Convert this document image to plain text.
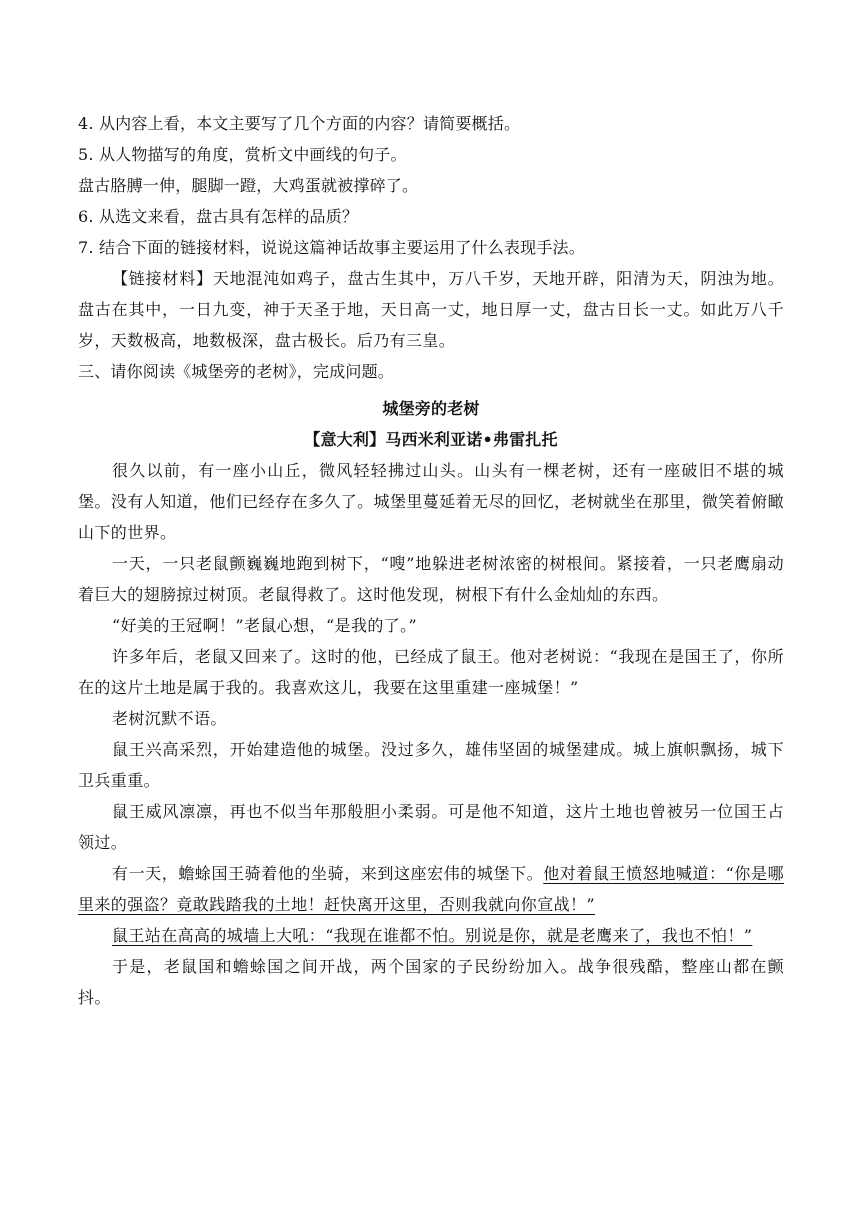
4. 从内容上看，本文主要写了几个方面的内容？请简要概括。
5. 从人物描写的角度，赏析文中画线的句子。
盘古胳膊一伸，腿脚一蹬，大鸡蛋就被撑碎了。
6. 从选文来看，盘古具有怎样的品质？
7. 结合下面的链接材料，说说这篇神话故事主要运用了什么表现手法。
【链接材料】天地混沌如鸡子，盘古生其中，万八千岁，天地开辟，阳清为天，阴浊为地。盘古在其中，一日九变，神于天圣于地，天日高一丈，地日厚一丈，盘古日长一丈。如此万八千岁，天数极高，地数极深，盘古极长。后乃有三皇。
三、请你阅读《城堡旁的老树》，完成问题。
城堡旁的老树
【意大利】马西米利亚诺•弗雷扎托
很久以前，有一座小山丘，微风轻轻拂过山头。山头有一棵老树，还有一座破旧不堪的城堡。没有人知道，他们已经存在多久了。城堡里蔓延着无尽的回忆，老树就坐在那里，微笑着俯瞰山下的世界。
一天，一只老鼠颤巍巍地跑到树下，“嗖”地躲进老树浓密的树根间。紧接着，一只老鹰扇动着巨大的翅膀掠过树顶。老鼠得救了。这时他发现，树根下有什么金灿灿的东西。
“好美的王冠啊！”老鼠心想，“是我的了。”
许多年后，老鼠又回来了。这时的他，已经成了鼠王。他对老树说：“我现在是国王了，你所在的这片土地是属于我的。我喜欢这儿，我要在这里重建一座城堡！”
老树沉默不语。
鼠王兴高采烈，开始建造他的城堡。没过多久，雄伟坚固的城堡建成。城上旗帜飘扬，城下卫兵重重。
鼠王威风凛凛，再也不似当年那般胆小柔弱。可是他不知道，这片土地也曾被另一位国王占领过。
有一天，蟾蜍国王骑着他的坐骑，来到这座宏伟的城堡下。他对着鼠王愤怒地喊道：“你是哪里来的强盗？竟敢践踏我的土地！赶快离开这里，否则我就向你宣战！”
鼠王站在高高的城墙上大吼：“我现在谁都不怕。别说是你，就是老鹰来了，我也不怕！”
于是，老鼠国和蟾蜍国之间开战，两个国家的子民纷纷加入。战争很残酷，整座山都在颤抖。
